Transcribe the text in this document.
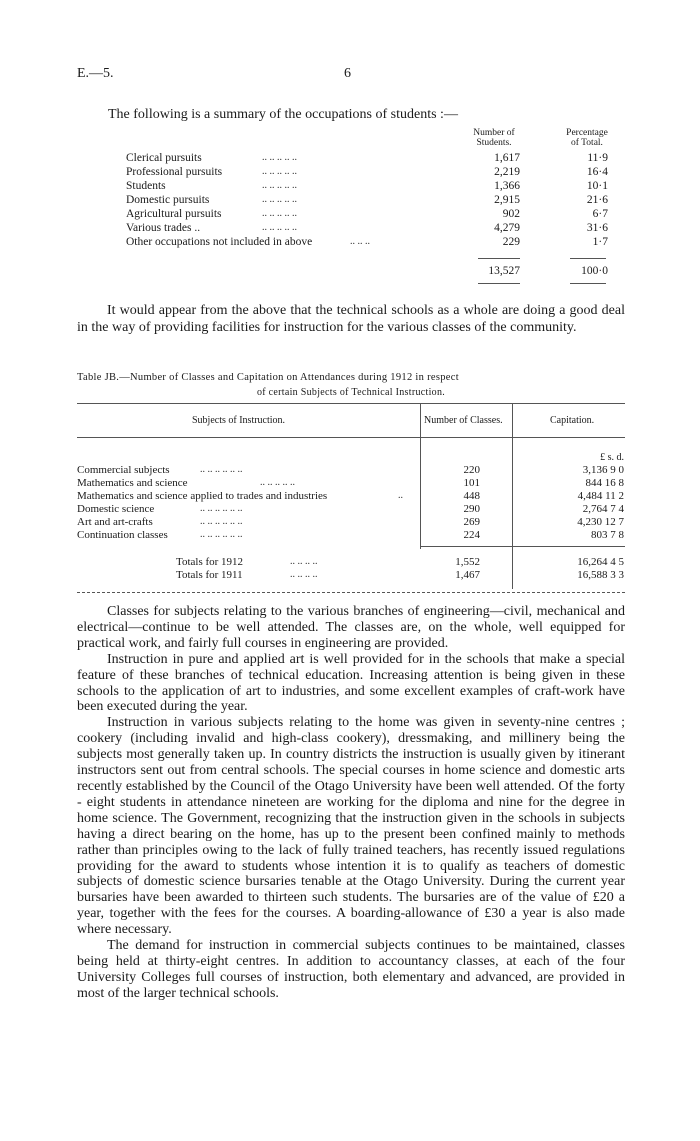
E.—5.	6
The following is a summary of the occupations of students :—
Number of
Students.
Percentage
of Total.
Clerical pursuits	.. .. .. .. ..	1,617	11·9
Professional pursuits	.. .. .. .. ..	2,219	16·4
Students	.. .. .. .. ..	1,366	10·1
Domestic pursuits	.. .. .. .. ..	2,915	21·6
Agricultural pursuits	.. .. .. .. ..	902	6·7
Various trades ..	.. .. .. .. ..	4,279	31·6
Other occupations not included in above	.. .. ..	229	1·7
13,527	100·0
It would appear from the above that the technical schools as a whole are doing a good deal in the way of providing facilities for instruction for the various classes of the community.
Table JB.—Number of Classes and Capitation on Attendances during 1912 in respect
of certain Subjects of Technical Instruction.
Subjects of Instruction.	Number of Classes.	Capitation.
£ s. d.
Commercial subjects	.. .. .. .. .. ..	220	3,136 9 0
Mathematics and science	.. .. .. .. ..	101	844 16 8
Mathematics and science applied to trades and industries	..	448	4,484 11 2
Domestic science	.. .. .. .. .. ..	290	2,764 7 4
Art and art-crafts	.. .. .. .. .. ..	269	4,230 12 7
Continuation classes	.. .. .. .. .. ..	224	803 7 8
Totals for 1912	.. .. .. ..	1,552	16,264 4 5
Totals for 1911	.. .. .. ..	1,467	16,588 3 3

Classes for subjects relating to the various branches of engineering—civil, mechanical and electrical—continue to be well attended. The classes are, on the whole, well equipped for practical work, and fairly full courses in engineering are provided.

Instruction in pure and applied art is well provided for in the schools that make a special feature of these branches of technical education. Increasing attention is being given in these schools to the application of art to industries, and some excellent examples of craft-work have been executed during the year.

Instruction in various subjects relating to the home was given in seventy-nine centres ; cookery (including invalid and high-class cookery), dressmaking, and millinery being the subjects most generally taken up. In country districts the instruction is usually given by itinerant instructors sent out from central schools. The special courses in home science and domestic arts recently established by the Council of the Otago University have been well attended. Of the forty - eight students in attendance nineteen are working for the diploma and nine for the degree in home science. The Government, recognizing that the instruction given in the schools in subjects having a direct bearing on the home, has up to the present been confined mainly to methods rather than principles owing to the lack of fully trained teachers, has recently issued regulations providing for the award to students whose intention it is to qualify as teachers of domestic subjects of domestic science bursaries tenable at the Otago University. During the current year bursaries have been awarded to thirteen such students. The bursaries are of the value of £20 a year, together with the fees for the courses. A boarding-allowance of £30 a year is also made where necessary.

The demand for instruction in commercial subjects continues to be maintained, classes being held at thirty-eight centres. In addition to accountancy classes, at each of the four University Colleges full courses of instruction, both elementary and advanced, are provided in most of the larger technical schools.
